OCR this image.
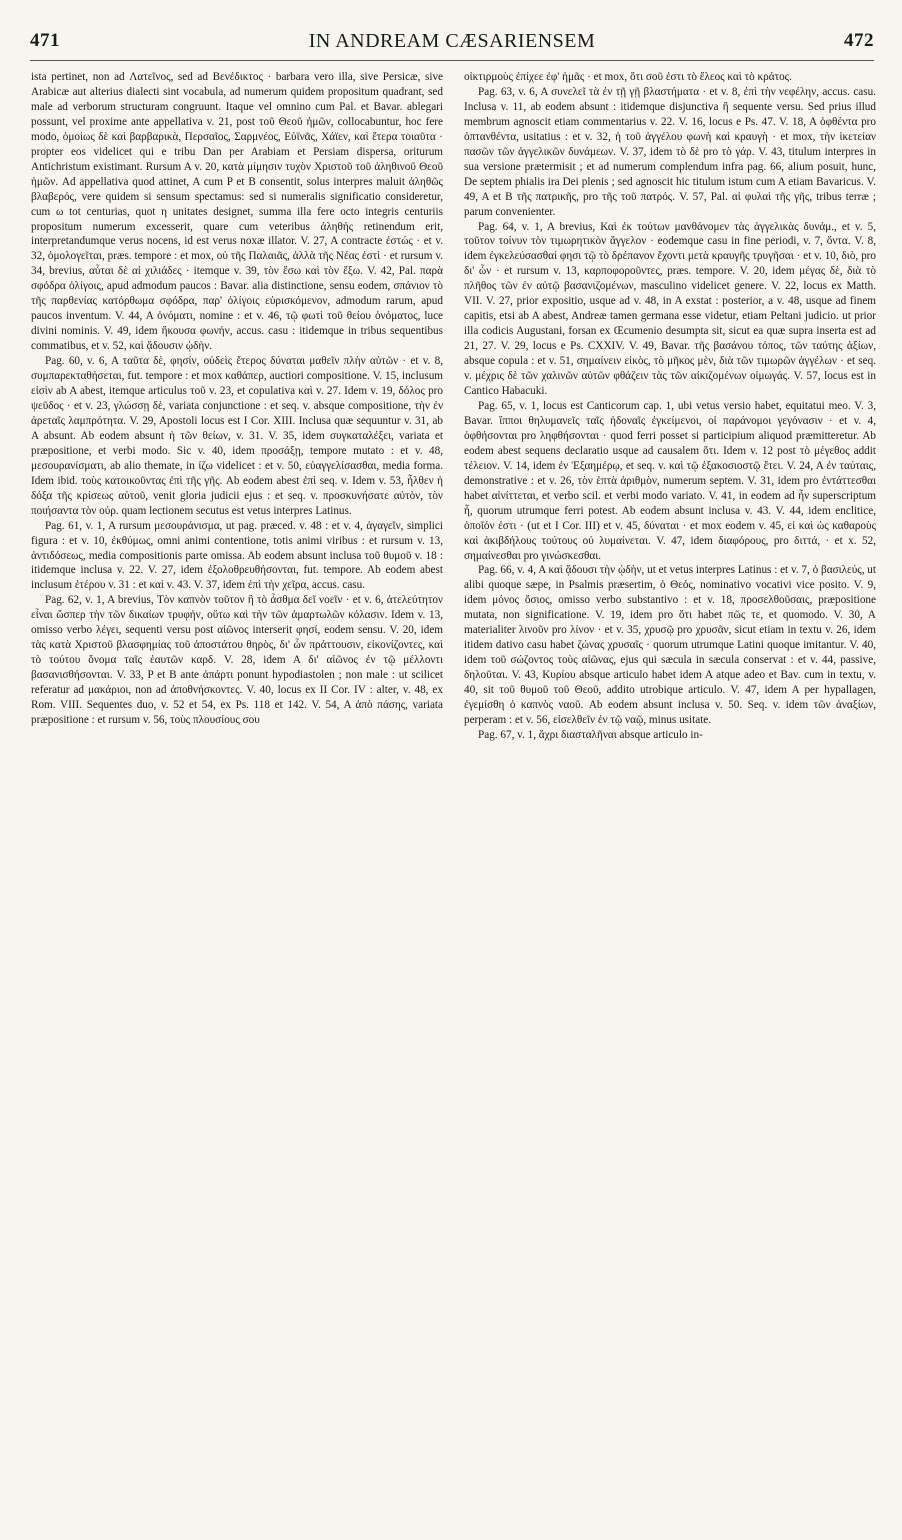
471	IN ANDREAM CÆSARIENSEM	472

ista pertinet, non ad Λατεῖνος, sed ad Βενέδικτος · barbara vero illa, sive Persicæ, sive Arabicæ aut alterius dialecti sint vocabula, ad numerum quidem propositum quadrant, sed male ad verborum structuram congruunt. Itaque vel omnino cum Pal. et Bavar. ablegari possunt, vel proxime ante appellativa v. 21, post τοῦ Θεοῦ ἡμῶν, collocabuntur, hoc fere modo, ὁμοίως δὲ καὶ βαρβαρικὰ, Περσαῖος, Σαρμνέος, Εὐϊνᾶς, Χάϊεν, καὶ ἕτερα τοιαῦτα · propter eos videlicet qui e tribu Dan per Arabiam et Persiam dispersa, oriturum Antichristum existimant. Rursum A v. 20, κατὰ μίμησιν τυχὸν Χριστοῦ τοῦ ἀληθινοῦ Θεοῦ ἡμῶν. Ad appellativa quod attinet, A cum P et B consentit, solus interpres maluit ἀληθῶς βλαβερός, vere quidem si sensum spectamus: sed si numeralis significatio consideretur, cum ω tot centurias, quot η unitates designet, summa illa fere octo integris centuriis propositum numerum excesserit, quare cum veteribus ἀληθής retinendum erit, interpretandumque verus nocens, id est verus noxæ illator. V. 27, A contracte ἐστώς · et v. 32, ὁμολογεῖται, præs. tempore : et mox, οὐ τῆς Παλαιᾶς, ἀλλὰ τῆς Νέας ἐστὶ · et rursum v. 34, brevius, αὗται δὲ αἱ χιλιάδες · itemque v. 39, τὸν ἔσω καὶ τὸν ἔξω. V. 42, Pal. παρὰ σφόδρα ὀλίγοις, apud admodum paucos : Bavar. alia distinctione, sensu eodem, σπάνιον τὸ τῆς παρθενίας κατόρθωμα σφόδρα, παρ' ὀλίγοις εὑρισκόμενον, admodum rarum, apud paucos inventum. V. 44, A ὀνόματι, nomine : et v. 46, τῷ φωτὶ τοῦ θείου ὀνόματος, luce divini nominis. V. 49, idem ἤκουσα φωνήν, accus. casu : itidemque in tribus sequentibus commatibus, et v. 52, καὶ ᾄδουσιν ᾠδὴν.

Pag. 60, v. 6, A ταῦτα δὲ, φησίν, οὐδεὶς ἕτερος δύναται μαθεῖν πλὴν αὐτῶν · et v. 8, συμπαρεκταθήσεται, fut. tempore : et mox καθάπερ, auctiori compositione. V. 15, inclusum εἰσὶν ab A abest, itemque articulus τοῦ v. 23, et copulativa καὶ v. 27. Idem v. 19, δόλος pro ψεῦδος · et v. 23, γλώσσῃ δὲ, variata conjunctione : et seq. v. absque compositione, τὴν ἐν ἀρεταῖς λαμπρότητα. V. 29, Apostoli locus est I Cor. XIII. Inclusa quæ sequuntur v. 31, ab A absunt. Ab eodem absunt ἡ τῶν θείων, v. 31. V. 35, idem συγκαταλέξει, variata et præpositione, et verbi modo. Sic v. 40, idem προσάξῃ, tempore mutato : et v. 48, μεσουρανίσματι, ab alio themate, in ίζω videlicet : et v. 50, εὐαγγελίσασθαι, media forma. Idem ibid. τοὺς κατοικοῦντας ἐπὶ τῆς γῆς. Ab eodem abest ἐπὶ seq. v. Idem v. 53, ἦλθεν ἡ δόξα τῆς κρίσεως αὐτοῦ, venit gloria judicii ejus : et seq. v. προσκυνήσατε αὐτὸν, τὸν ποιήσαντα τὸν οὐρ. quam lectionem secutus est vetus interpres Latinus.

Pag. 61, v. 1, A rursum μεσουράνισμα, ut pag. præced. v. 48 : et v. 4, ἀγαγεῖν, simplici figura : et v. 10, ἐκθύμως, omni animi contentione, totis animi viribus : et rursum v. 13, ἀντιδόσεως, media compositionis parte omissa. Ab eodem absunt inclusa τοῦ θυμοῦ v. 18 : itidemque inclusa v. 22. V. 27, idem ἐξολοθρευθήσονται, fut. tempore. Ab eodem abest inclusum ἑτέρου v. 31 : et καὶ v. 43. V. 37, idem ἐπὶ τὴν χεῖρα, accus. casu.

Pag. 62, v. 1, A brevius, Τὸν καπνὸν τοῦτον ἢ τὸ ἆσθμα δεῖ νοεῖν · et v. 6, ἀτελεύτητον εἶναι ὥσπερ τὴν τῶν δικαίων τρυφήν, οὕτω καὶ τὴν τῶν ἁμαρτωλῶν κόλασιν. Idem v. 13, omisso verbo λέγει, sequenti versu post αἰῶνος interserit φησί, eodem sensu. V. 20, idem τὰς κατὰ Χριστοῦ βλασφημίας τοῦ ἀποστάτου θηρὸς, δι' ὧν πράττουσιν, εἰκονίζοντες, καὶ τὸ τούτου ὄνομα ταῖς ἑαυτῶν καρδ. V. 28, idem A δι' αἰῶνος ἐν τῷ μέλλοντι βασανισθήσονται. V. 33, P et B ante ἀπάρτι ponunt hypodiastolen ; non male : ut scilicet referatur ad μακάριοι, non ad ἀποθνήσκοντες. V. 40, locus ex II Cor. IV : alter, v. 48, ex Rom. VIII. Sequentes duo, v. 52 et 54, ex Ps. 118 et 142. V. 54, A ἀπὸ πάσης, variata præpositione : et rursum v. 56, τοὺς πλουσίους σου

οἰκτιρμοὺς ἐπίχεε ἐφ' ἡμᾶς · et mox, ὅτι σοῦ ἐστι τὸ ἔλεος καὶ τὸ κράτος.

Pag. 63, v. 6, A συνελεῖ τὰ ἐν τῇ γῇ βλαστήματα · et v. 8, ἐπὶ τὴν νεφέλην, accus. casu. Inclusa v. 11, ab eodem absunt : itidemque disjunctiva ἢ sequente versu. Sed prius illud membrum agnoscit etiam commentarius v. 22. V. 16, locus e Ps. 47. V. 18, A ὀφθέντα pro ὀπτανθέντα, usitatius : et v. 32, ἡ τοῦ ἀγγέλου φωνὴ καὶ κραυγὴ · et mox, τὴν ἱκετείαν πασῶν τῶν ἀγγελικῶν δυνάμεων. V. 37, idem τὸ δὲ pro τὸ γάρ. V. 43, titulum interpres in sua versione prætermisit ; et ad numerum complendum infra pag. 66, alium posuit, hunc, De septem phialis ira Dei plenis ; sed agnoscit hic titulum istum cum A etiam Bavaricus. V. 49, A et B τῆς πατρικῆς, pro τῆς τοῦ πατρός. V. 57, Pal. αἱ φυλαὶ τῆς γῆς, tribus terræ ; parum convenienter.

Pag. 64, v. 1, A brevius, Καὶ ἐκ τούτων μανθάνομεν τὰς ἀγγελικὰς δυνάμ., et v. 5, τοῦτον τοίνυν τὸν τιμωρητικὸν ἄγγελον · eodemque casu in fine periodi, v. 7, ὄντα. V. 8, idem ἐγκελεύσασθαί φησι τῷ τὸ δρέπανον ἔχοντι μετὰ κραυγῆς τρυγῆσαι · et v. 10, διὸ, pro δι' ὧν · et rursum v. 13, καρποφοροῦντες, præs. tempore. V. 20, idem μέγας δὲ, διὰ τὸ πλῆθος τῶν ἐν αὐτῷ βασανιζομένων, masculino videlicet genere. V. 22, locus ex Matth. VII. V. 27, prior expositio, usque ad v. 48, in A exstat : posterior, a v. 48, usque ad finem capitis, etsi ab A abest, Andreæ tamen germana esse videtur, etiam Peltani judicio. ut prior illa codicis Augustani, forsan ex Œcumenio desumpta sit, sicut ea quæ supra inserta est ad 21, 27. V. 29, locus e Ps. CXXIV. V. 49, Bavar. τῆς βασάνου τόπος, τῶν ταύτης ἀξίων, absque copula : et v. 51, σημαίνειν εἰκὸς, τὸ μῆκος μὲν, διὰ τῶν τιμωρῶν ἀγγέλων · et seq. v. μέχρις δὲ τῶν χαλινῶν αὐτῶν φθάζειν τὰς τῶν αἰκιζομένων οἰμωγάς. V. 57, locus est in Cantico Habacuki.

Pag. 65, v. 1, locus est Canticorum cap. 1, ubi vetus versio habet, equitatui meo. V. 3, Bavar. ἵπποι θηλυμανεῖς ταῖς ἡδοναῖς ἐγκείμενοι, οἱ παράνομοι γεγόνασιν · et v. 4, ὀφθήσονται pro ληφθήσονται · quod ferri posset si participium aliquod præmitteretur. Ab eodem abest sequens declaratio usque ad causalem ὅτι. Idem v. 12 post τὸ μέγεθος addit τέλειον. V. 14, idem ἐν Ἑξαημέρῳ, et seq. v. καὶ τῷ ἑξακοσιοστῷ ἔτει. V. 24, A ἐν ταύταις, demonstrative : et v. 26, τὸν ἑπτὰ ἀριθμὸν, numerum septem. V. 31, idem pro ἐντάττεσθαι habet αἰνίττεται, et verbo scil. et verbi modo variato. V. 41, in eodem ad ἦν superscriptum ἦ, quorum utrumque ferri potest. Ab eodem absunt inclusa v. 43. V. 44, idem encliticе, ὁποῖόν ἐστι · (ut et I Cor. III) et v. 45, δύναται · et mox eodem v. 45, εἰ καὶ ὡς καθαροὺς καὶ ἀκιβδήλους τούτους οὐ λυμαίνεται. V. 47, idem διαφόρους, pro διττά, · et x. 52, σημαίνεσθαι pro γινώσκεσθαι.

Pag. 66, v. 4, A καὶ ᾄδουσι τὴν ᾠδὴν, ut et vetus interpres Latinus : et v. 7, ὁ βασιλεύς, ut alibi quoque sæpe, in Psalmis præsertim, ὁ Θεός, nominativo vocativi vice posito. V. 9, idem μόνος ὅσιος, omisso verbo substantivo : et v. 18, προσελθοῦσαις, præpositione mutata, non significatione. V. 19, idem pro ὅτι habet πῶς τε, et quomodo. V. 30, A materialiter λινοῦν pro λίνον · et v. 35, χρυσῷ pro χρυσᾶν, sicut etiam in textu v. 26, idem itidem dativo casu habet ζώνας χρυσαῖς · quorum utrumque Latini quoque imitantur. V. 40, idem τοῦ σώζοντος τοὺς αἰῶνας, ejus qui sæcula in sæcula conservat : et v. 44, passive, δηλοῦται. V. 43, Κυρίου absque articulo habet idem A atque adeo et Bav. cum in textu, v. 40, sit τοῦ θυμοῦ τοῦ Θεοῦ, addito utrobique articulo. V. 47, idem A per hypallagen, ἐγεμίσθη ὁ καπνὸς ναοῦ. Ab eodem absunt inclusa v. 50. Seq. v. idem τῶν ἀναξίων, perperam : et v. 56, εἰσελθεῖν ἐν τῷ ναῷ, minus usitate.

Pag. 67, v. 1, ἄχρι διασταλῆναι absque articulo in-
